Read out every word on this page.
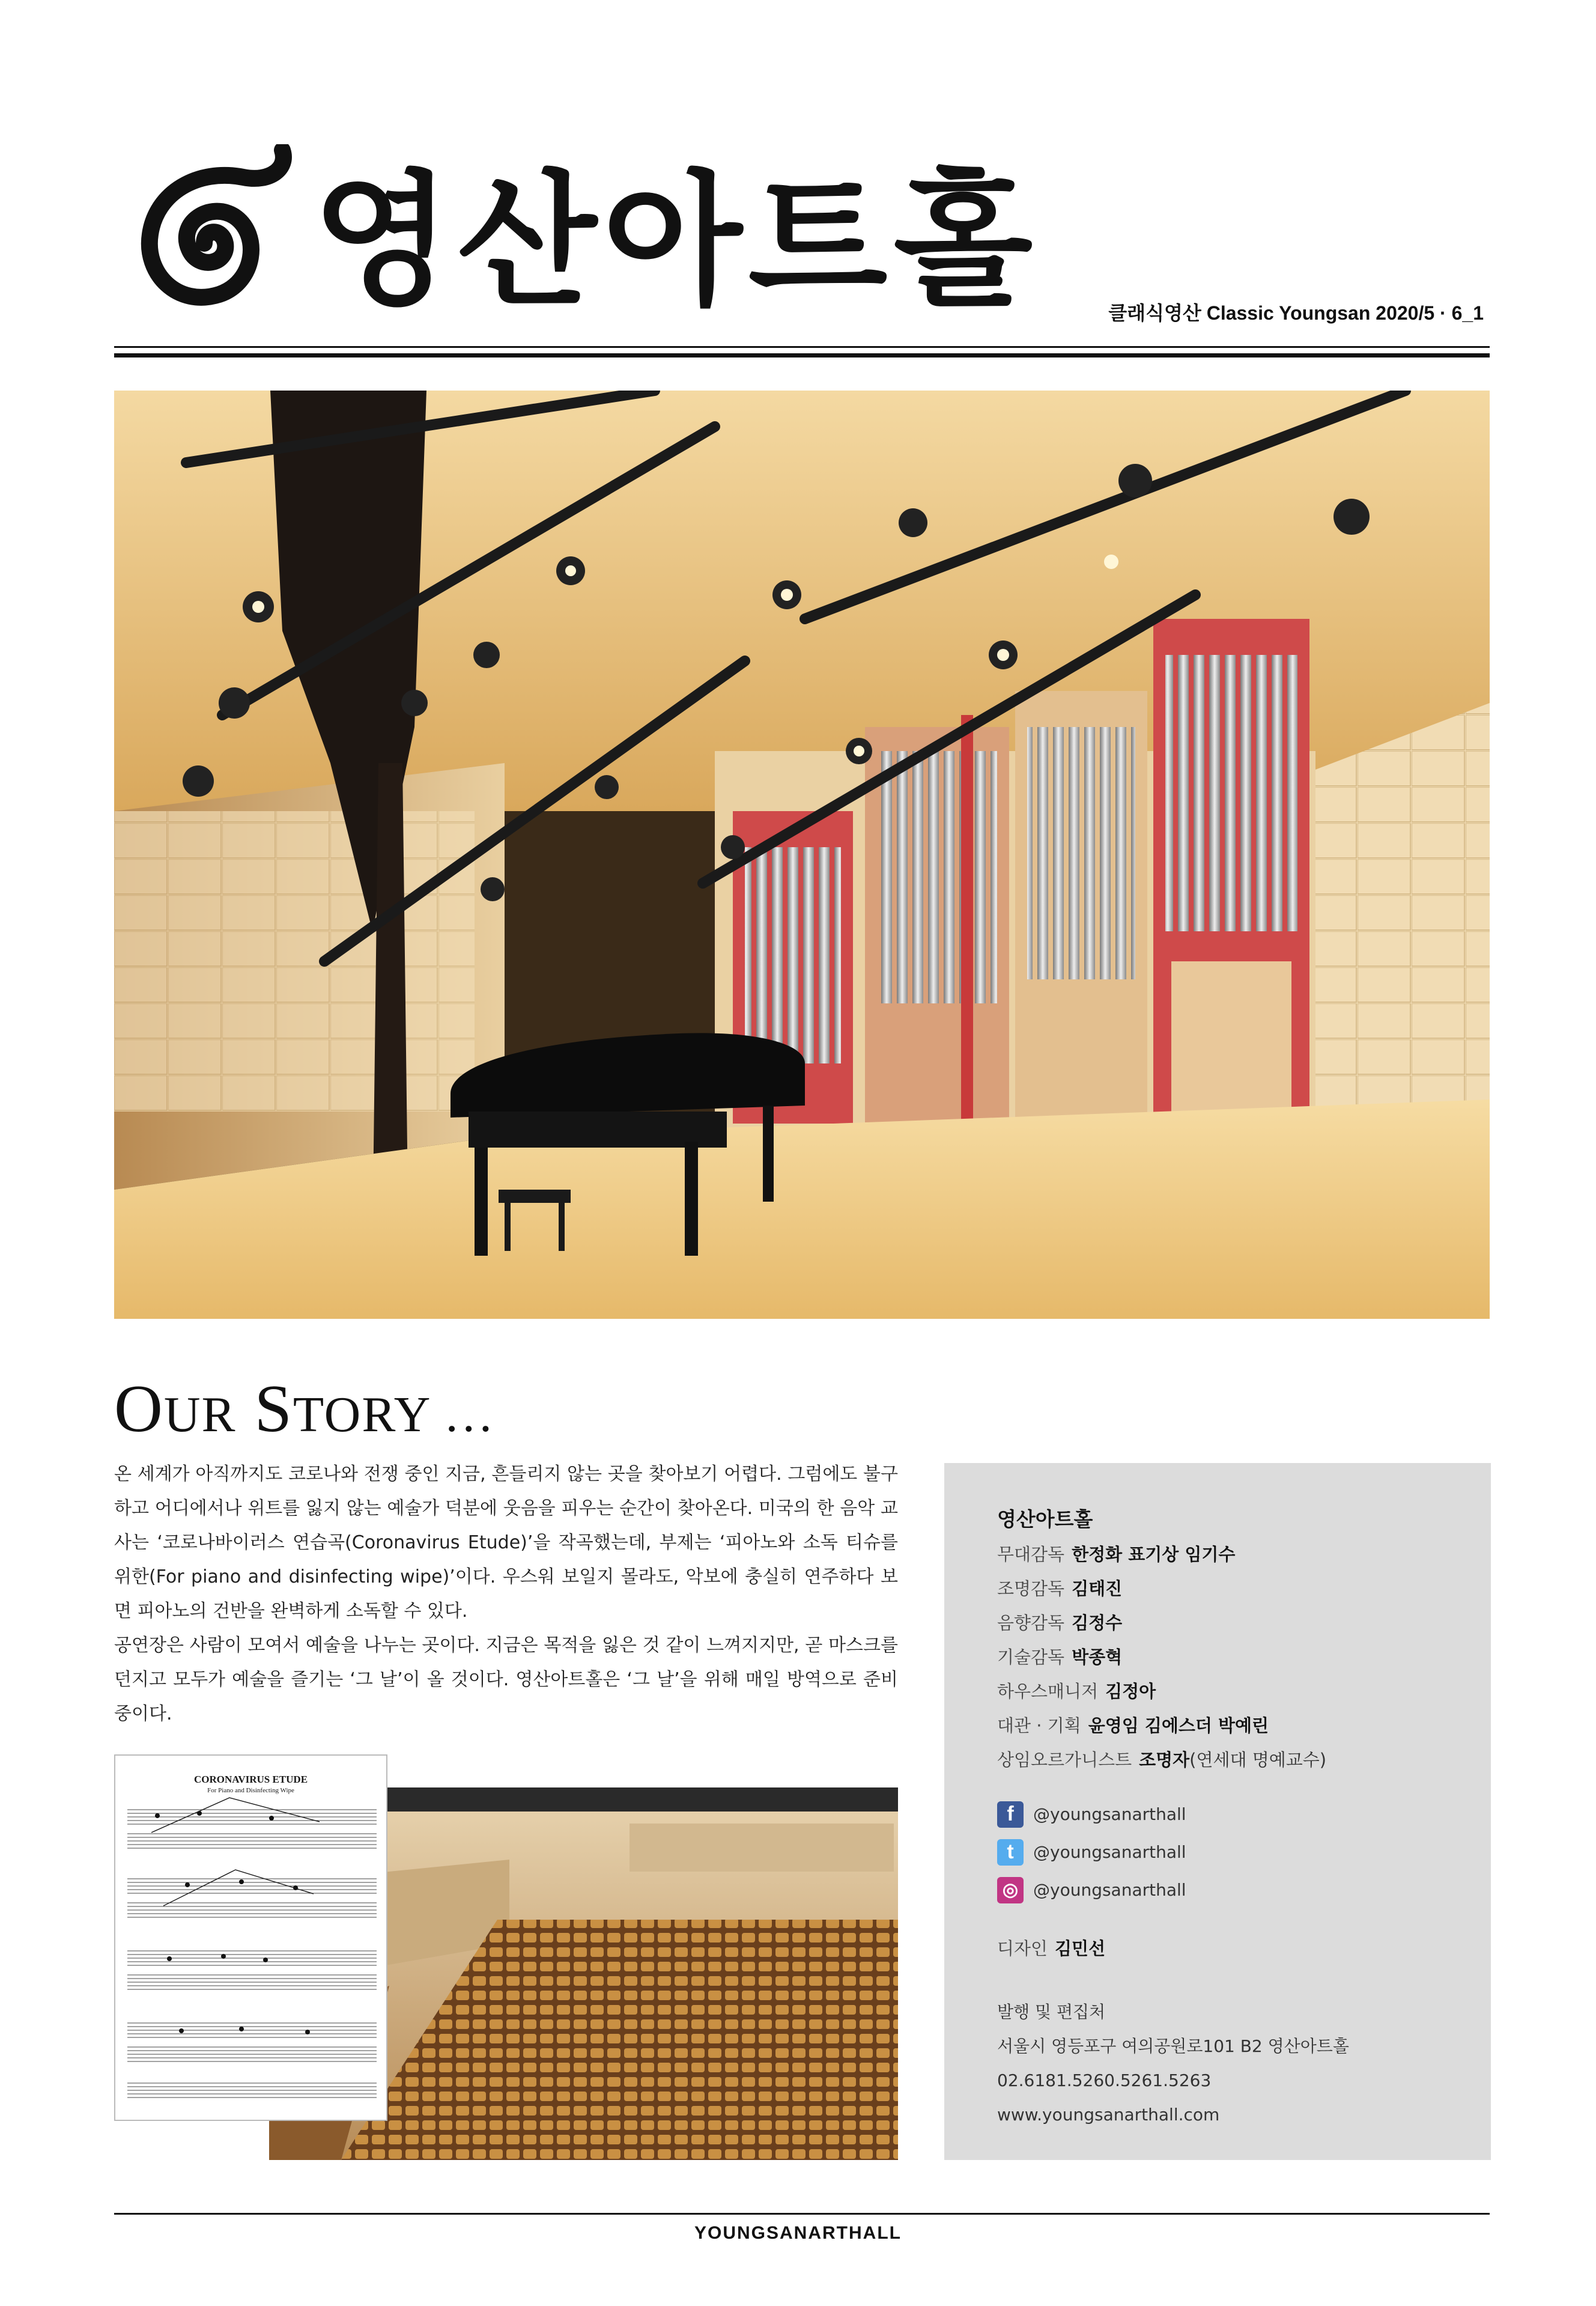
영산아트홀	클래식영산 Classic Youngsan 2020/5 · 6_1
OUR STORY …

온 세계가 아직까지도 코로나와 전쟁 중인 지금, 흔들리지 않는 곳을 찾아보기 어렵다. 그럼에도 불구하고 어디에서나 위트를 잃지 않는 예술가 덕분에 웃음을 피우는 순간이 찾아온다. 미국의 한 음악 교사는 ‘코로나바이러스 연습곡(Coronavirus Etude)’을 작곡했는데, 부제는 ‘피아노와 소독 티슈를 위한(For piano and disinfecting wipe)’이다. 우스워 보일지 몰라도, 악보에 충실히 연주하다 보면 피아노의 건반을 완벽하게 소독할 수 있다.

공연장은 사람이 모여서 예술을 나누는 곳이다. 지금은 목적을 잃은 것 같이 느껴지지만, 곧 마스크를 던지고 모두가 예술을 즐기는 ‘그 날’이 올 것이다. 영산아트홀은 ‘그 날’을 위해 매일 방역으로 준비 중이다.

CORONAVIRUS ETUDE
For Piano and Disinfecting Wipe
영산아트홀
무대감독 한정화 표기상 임기수
조명감독 김태진
음향감독 김정수
기술감독 박종혁
하우스매니저 김정아
대관 · 기획 윤영임 김에스더 박예린
상임오르가니스트 조명자(연세대 명예교수)
f	@youngsanarthall
t	@youngsanarthall
◎ @youngsanarthall
디자인 김민선
발행 및 편집처
서울시 영등포구 여의공원로101 B2 영산아트홀
02.6181.5260.5261.5263
www.youngsanarthall.com
YOUNGSANARTHALL
